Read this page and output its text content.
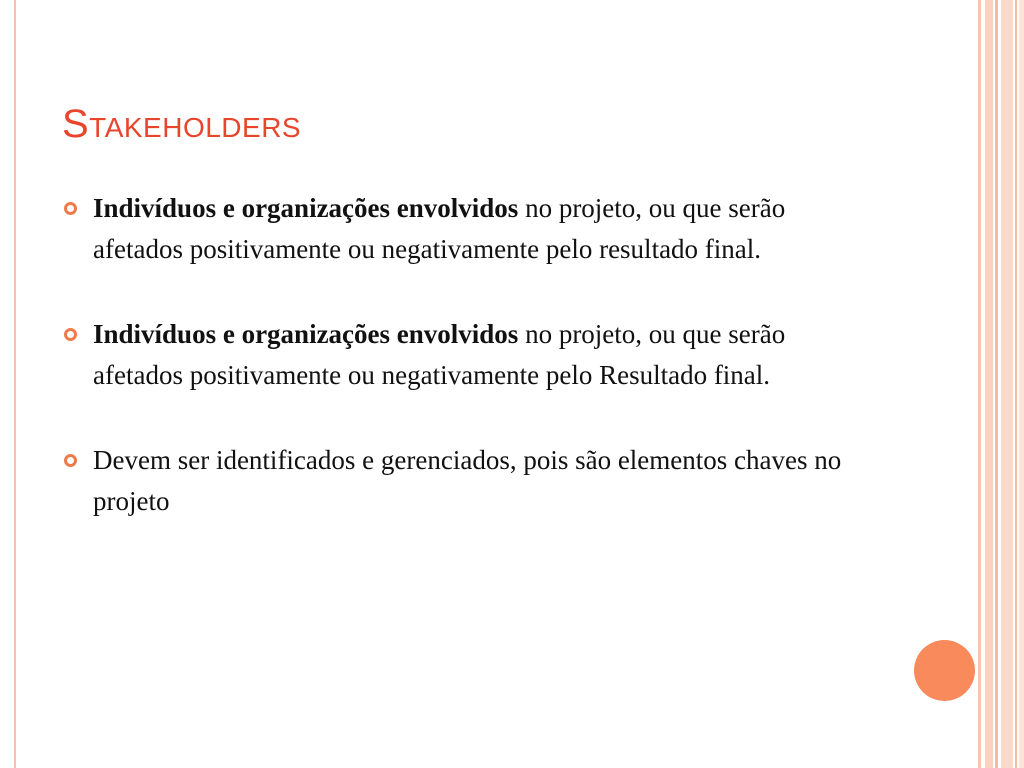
Stakeholders
Indivíduos e organizações envolvidos no projeto, ou que serão afetados positivamente ou negativamente pelo resultado final.
Indivíduos e organizações envolvidos no projeto, ou que serão afetados positivamente ou negativamente pelo Resultado final.
Devem ser identificados e gerenciados, pois são elementos chaves no projeto
